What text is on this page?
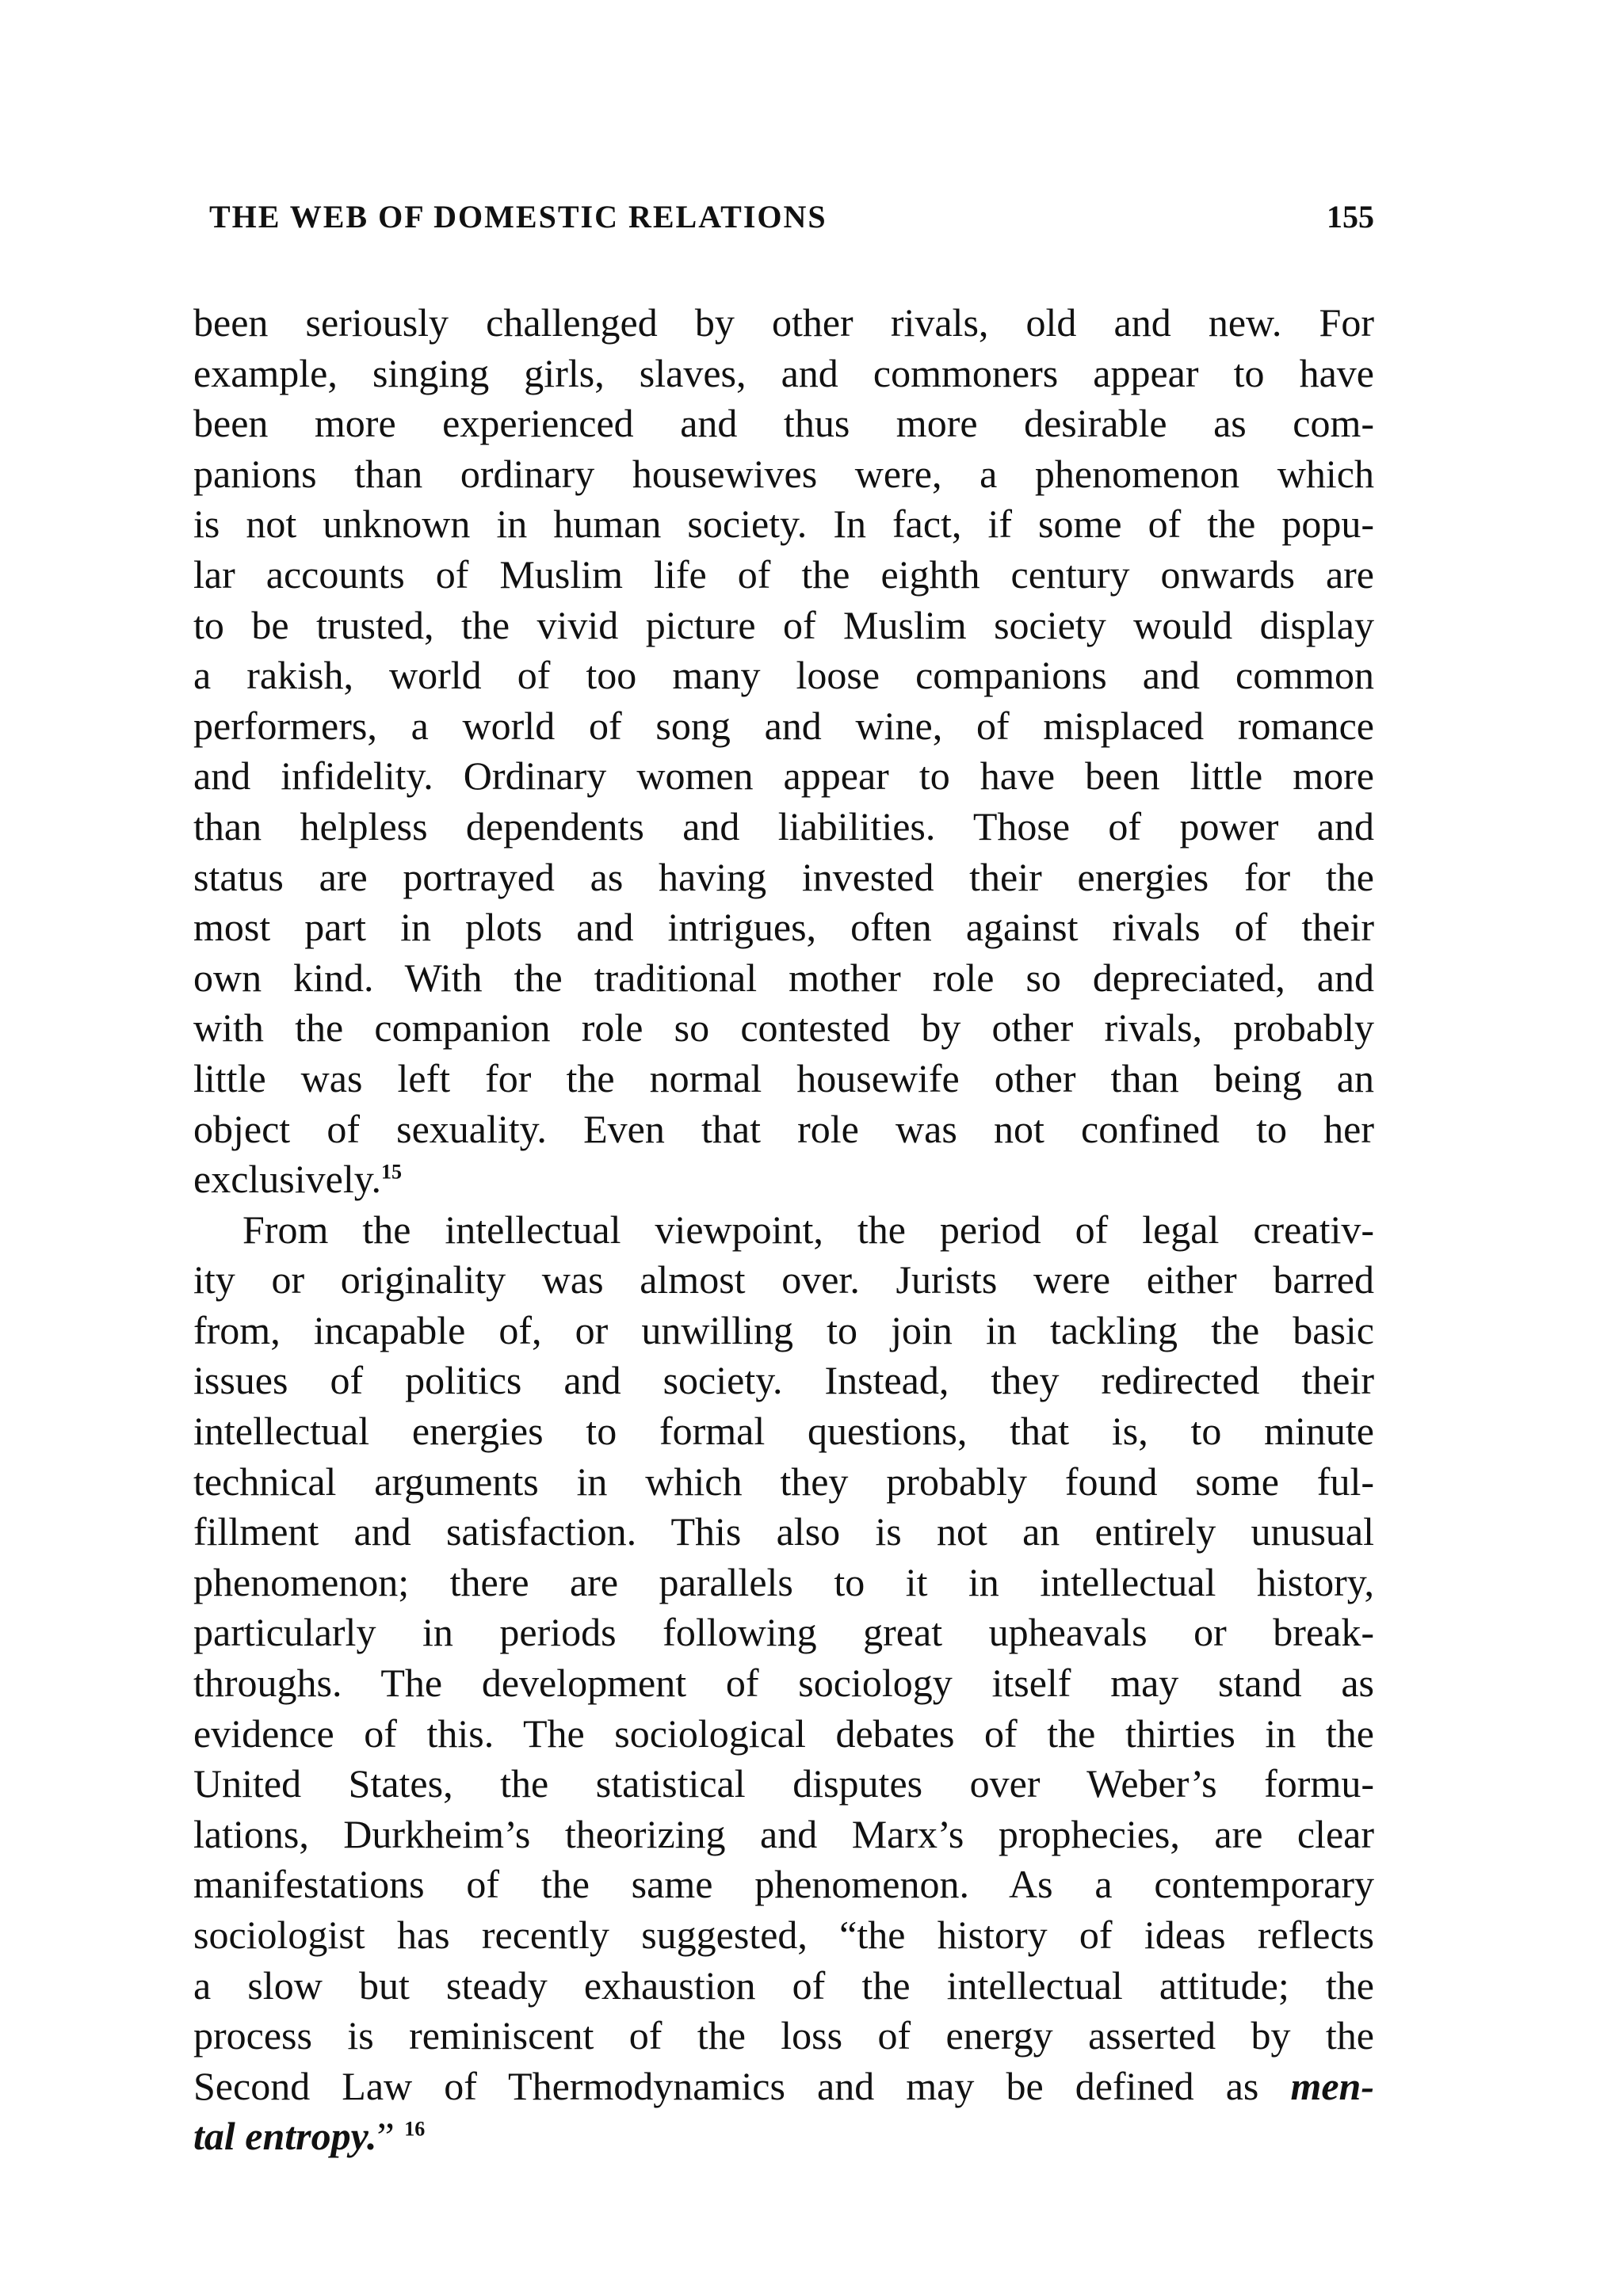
THE WEB OF DOMESTIC RELATIONS	155
been seriously challenged by other rivals, old and new. For
example, singing girls, slaves, and commoners appear to have
been more experienced and thus more desirable as com-
panions than ordinary housewives were, a phenomenon which
is not unknown in human society. In fact, if some of the popu-
lar accounts of Muslim life of the eighth century onwards are
to be trusted, the vivid picture of Muslim society would display
a rakish, world of too many loose companions and common
performers, a world of song and wine, of misplaced romance
and infidelity. Ordinary women appear to have been little more
than helpless dependents and liabilities. Those of power and
status are portrayed as having invested their energies for the
most part in plots and intrigues, often against rivals of their
own kind. With the traditional mother role so depreciated, and
with the companion role so contested by other rivals, probably
little was left for the normal housewife other than being an
object of sexuality. Even that role was not confined to her
exclusively.$^{15}$
From the intellectual viewpoint, the period of legal creativ-
ity or originality was almost over. Jurists were either barred
from, incapable of, or unwilling to join in tackling the basic
issues of politics and society. Instead, they redirected their
intellectual energies to formal questions, that is, to minute
technical arguments in which they probably found some ful-
fillment and satisfaction. This also is not an entirely unusual
phenomenon; there are parallels to it in intellectual history,
particularly in periods following great upheavals or break-
throughs. The development of sociology itself may stand as
evidence of this. The sociological debates of the thirties in the
United States, the statistical disputes over Weber’s formu-
lations, Durkheim’s theorizing and Marx’s prophecies, are clear
manifestations of the same phenomenon. As a contemporary
sociologist has recently suggested, “the history of ideas reflects
a slow but steady exhaustion of the intellectual attitude; the
process is reminiscent of the loss of energy asserted by the
Second Law of Thermodynamics and may be defined as men-
tal entropy.” $^{16}$
